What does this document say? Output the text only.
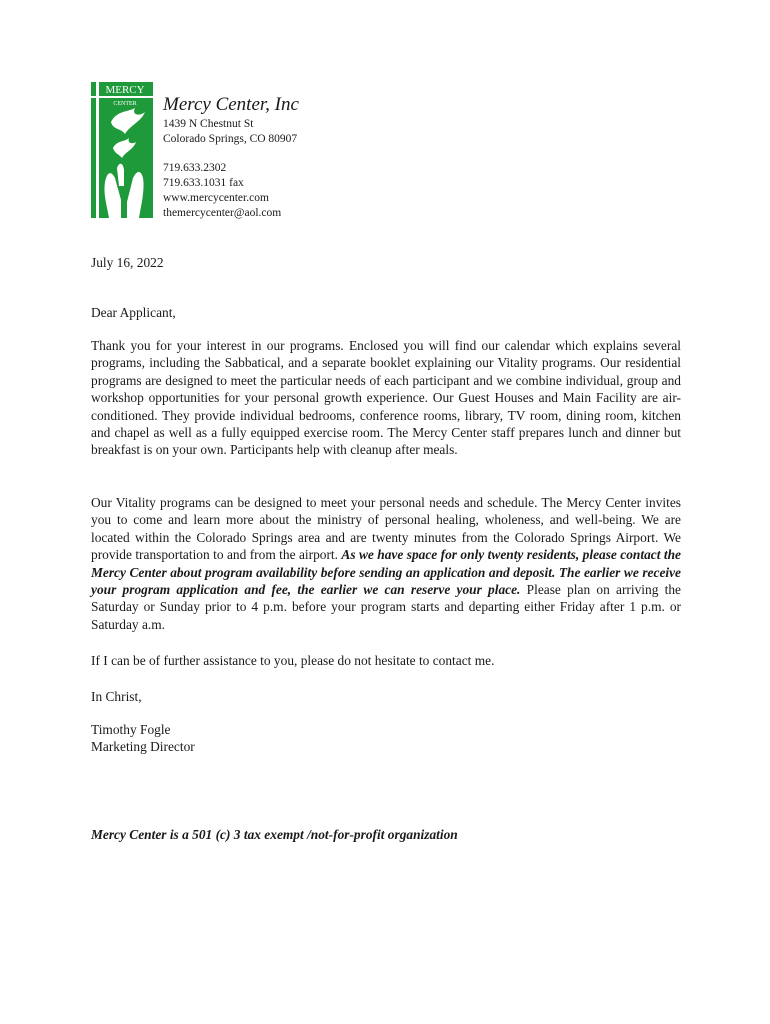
MERCY
CENTER Mercy Center, Inc
1439 N Chestnut St
Colorado Springs, CO 80907
719.633.2302
719.633.1031 fax
www.mercycenter.com
themercycenter@aol.com
July 16, 2022
Dear Applicant,
Thank you for your interest in our programs. Enclosed you will find our calendar which explains several programs, including the Sabbatical, and a separate booklet explaining our Vitality programs. Our residential programs are designed to meet the particular needs of each participant and we combine individual, group and workshop opportunities for your personal growth experience. Our Guest Houses and Main Facility are air-conditioned. They provide individual bedrooms, conference rooms, library, TV room, dining room, kitchen and chapel as well as a fully equipped exercise room. The Mercy Center staff prepares lunch and dinner but breakfast is on your own. Participants help with cleanup after meals.
Our Vitality programs can be designed to meet your personal needs and schedule. The Mercy Center invites you to come and learn more about the ministry of personal healing, wholeness, and well-being. We are located within the Colorado Springs area and are twenty minutes from the Colorado Springs Airport. We provide transportation to and from the airport. As we have space for only twenty residents, please contact the Mercy Center about program availability before sending an application and deposit. The earlier we receive your program application and fee, the earlier we can reserve your place. Please plan on arriving the Saturday or Sunday prior to 4 p.m. before your program starts and departing either Friday after 1 p.m. or Saturday a.m.
If I can be of further assistance to you, please do not hesitate to contact me.
In Christ,
Timothy Fogle
Marketing Director
Mercy Center is a 501 (c) 3 tax exempt /not-for-profit organization
